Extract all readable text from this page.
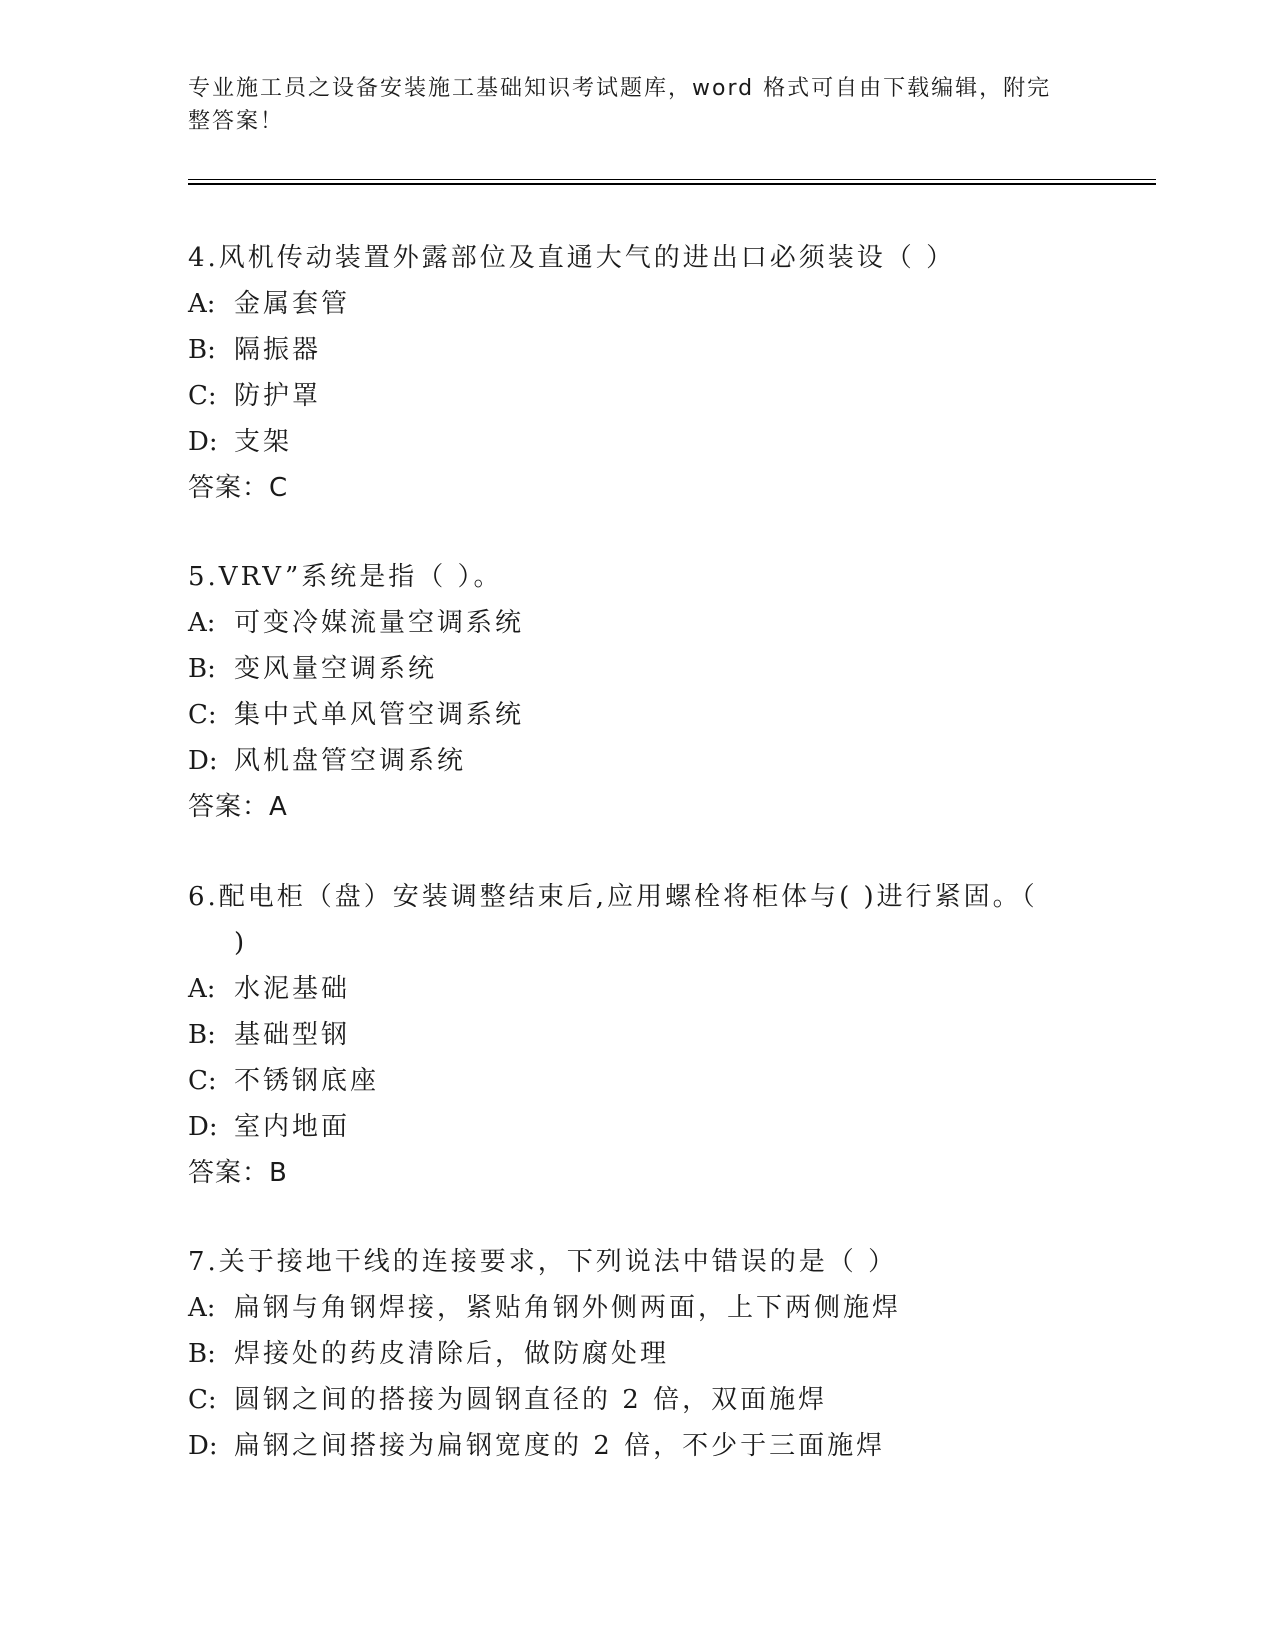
专业施工员之设备安装施工基础知识考试题库，word 格式可自由下载编辑，附完
整答案！
4.风机传动装置外露部位及直通大气的进出口必须装设（ ）
A: 金属套管
B: 隔振器
C: 防护罩
D: 支架
答案：C
5.VRV”系统是指（ ）。
A: 可变冷媒流量空调系统
B: 变风量空调系统
C: 集中式单风管空调系统
D: 风机盘管空调系统
答案：A
6.配电柜（盘）安装调整结束后,应用螺栓将柜体与( )进行紧固。（
)
A: 水泥基础
B: 基础型钢
C: 不锈钢底座
D: 室内地面
答案：B
7.关于接地干线的连接要求，下列说法中错误的是（ ）
A: 扁钢与角钢焊接，紧贴角钢外侧两面，上下两侧施焊
B: 焊接处的药皮清除后，做防腐处理
C: 圆钢之间的搭接为圆钢直径的 2 倍，双面施焊
D: 扁钢之间搭接为扁钢宽度的 2 倍，不少于三面施焊
